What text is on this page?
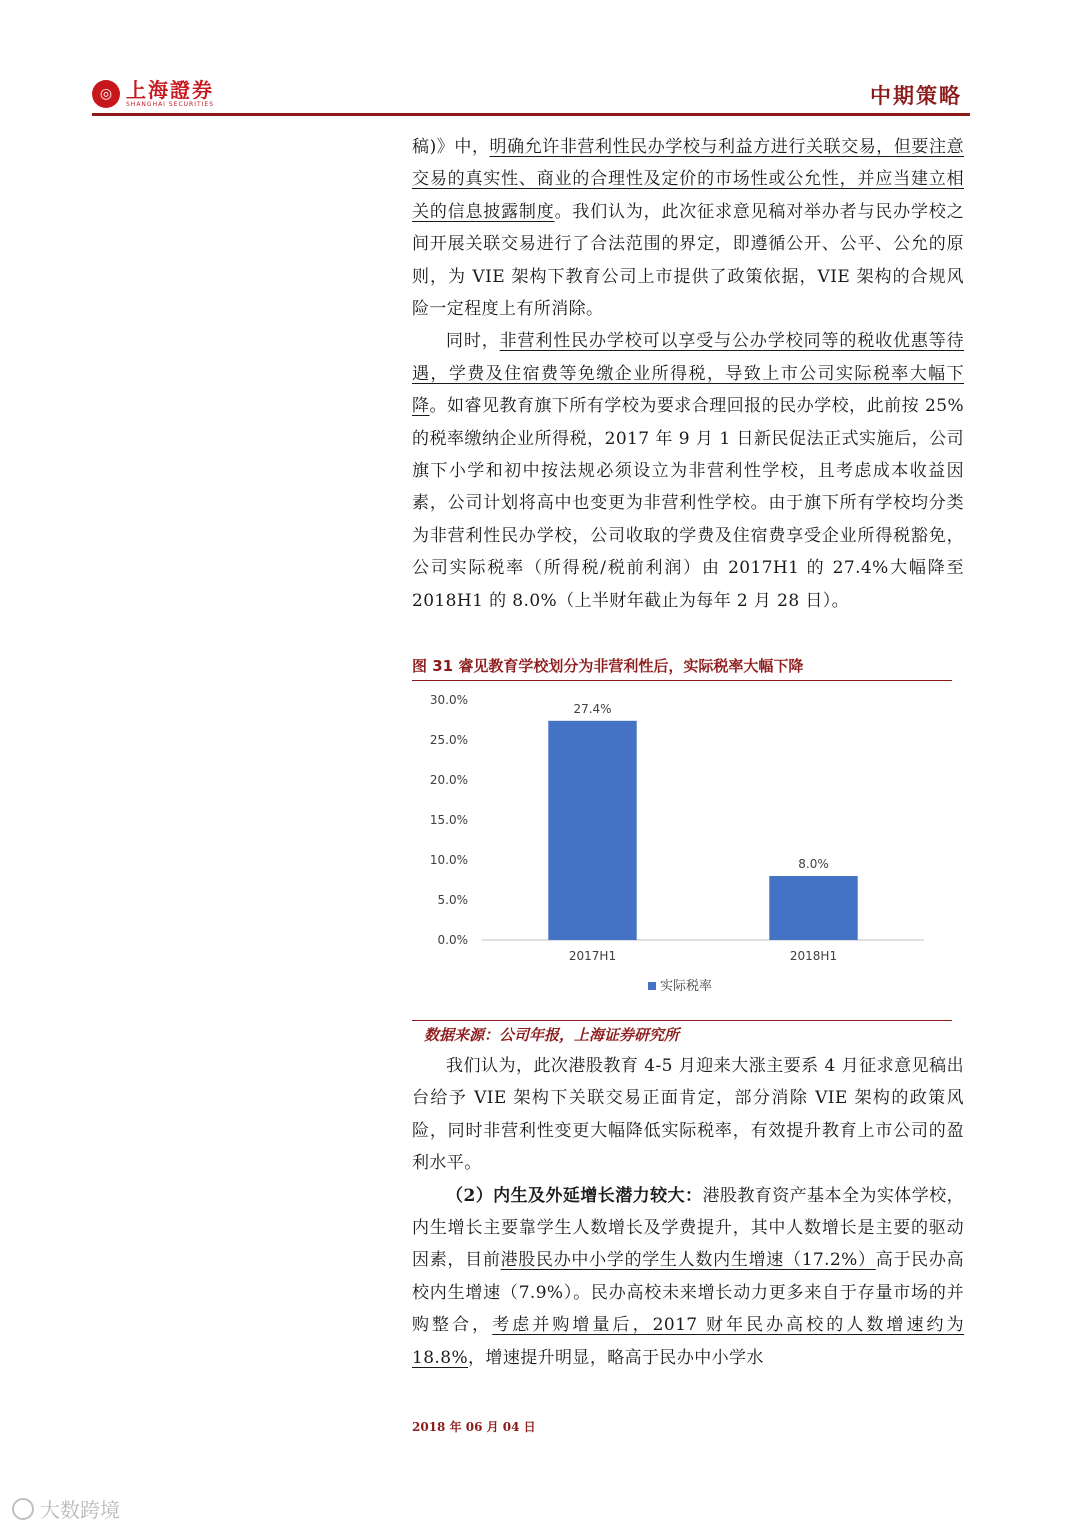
◎ 上海證券
SHANGHAI SECURITIES	中期策略

稿)》中，明确允许非营利性民办学校与利益方进行关联交易，但要注意交易的真实性、商业的合理性及定价的市场性或公允性，并应当建立相关的信息披露制度。我们认为，此次征求意见稿对举办者与民办学校之间开展关联交易进行了合法范围的界定，即遵循公开、公平、公允的原则，为 VIE 架构下教育公司上市提供了政策依据，VIE 架构的合规风险一定程度上有所消除。

同时，非营利性民办学校可以享受与公办学校同等的税收优惠等待遇，学费及住宿费等免缴企业所得税，导致上市公司实际税率大幅下降。如睿见教育旗下所有学校为要求合理回报的民办学校，此前按 25%的税率缴纳企业所得税，2017 年 9 月 1 日新民促法正式实施后，公司旗下小学和初中按法规必须设立为非营利性学校，且考虑成本收益因素，公司计划将高中也变更为非营利性学校。由于旗下所有学校均分类为非营利性民办学校，公司收取的学费及住宿费享受企业所得税豁免，公司实际税率（所得税/税前利润）由 2017H1 的 27.4%大幅降至 2018H1 的 8.0%（上半财年截止为每年 2 月 28 日）。

图 31 睿见教育学校划分为非营利性后，实际税率大幅下降
0.0%
5.0%
10.0%
15.0%
20.0%
25.0%
30.0%
27.4%
2017H1
8.0%
2018H1
实际税率
数据来源：公司年报，上海证券研究所

我们认为，此次港股教育 4-5 月迎来大涨主要系 4 月征求意见稿出台给予 VIE 架构下关联交易正面肯定，部分消除 VIE 架构的政策风险，同时非营利性变更大幅降低实际税率，有效提升教育上市公司的盈利水平。

（2）内生及外延增长潜力较大：港股教育资产基本全为实体学校，内生增长主要靠学生人数增长及学费提升，其中人数增长是主要的驱动因素，目前港股民办中小学的学生人数内生增速（17.2%）高于民办高校内生增速（7.9%）。民办高校未来增长动力更多来自于存量市场的并购整合，考虑并购增量后，2017 财年民办高校的人数增速约为 18.8%，增速提升明显，略高于民办中小学水

2018 年 06 月 04 日
大数跨境
